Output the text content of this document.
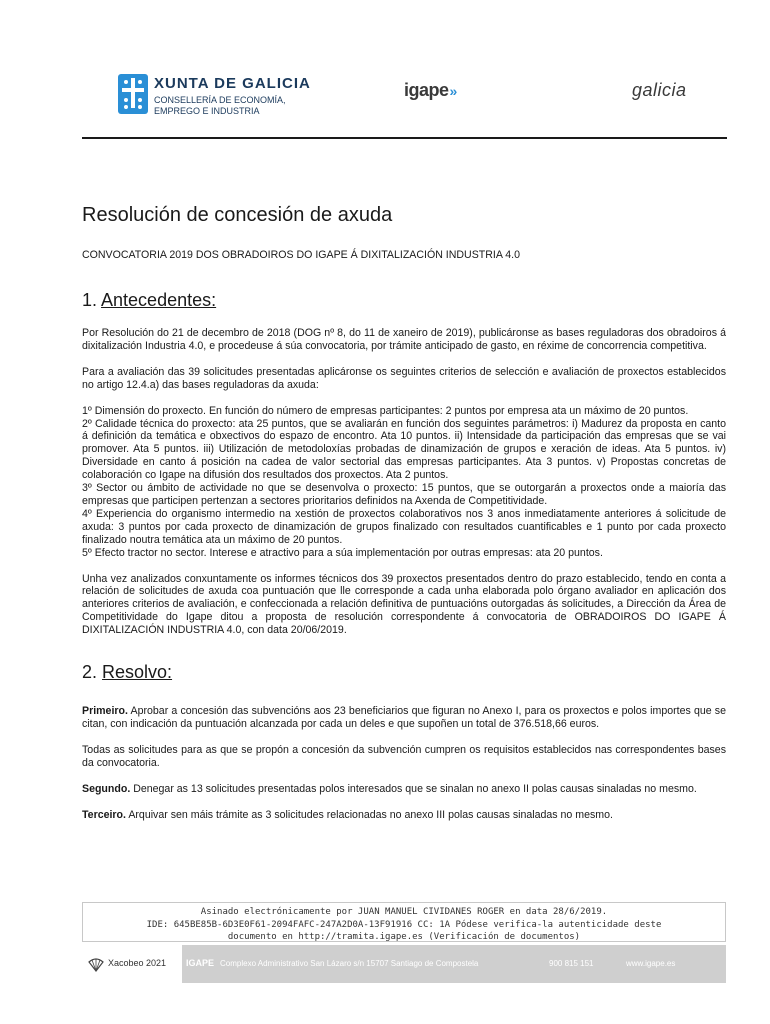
XUNTA DE GALICIA
CONSELLERÍA DE ECONOMÍA,
EMPREGO E INDUSTRIA
igape»	galicia
Resolución de concesión de axuda
CONVOCATORIA 2019 DOS OBRADOIROS DO IGAPE Á DIXITALIZACIÓN INDUSTRIA 4.0
1. Antecedentes:

Por Resolución do 21 de decembro de 2018 (DOG nº 8, do 11 de xaneiro de 2019), publicáronse as bases reguladoras dos obradoiros á dixitalización Industria 4.0, e procedeuse á súa convocatoria, por trámite anticipado de gasto, en réxime de concorrencia competitiva.

Para a avaliación das 39 solicitudes presentadas aplicáronse os seguintes criterios de selección e avaliación de proxectos establecidos no artigo 12.4.a) das bases reguladoras da axuda:

1º Dimensión do proxecto. En función do número de empresas participantes: 2 puntos por empresa ata un máximo de 20 puntos.

2º Calidade técnica do proxecto: ata 25 puntos, que se avaliarán en función dos seguintes parámetros: i) Madurez da proposta en canto á definición da temática e obxectivos do espazo de encontro. Ata 10 puntos. ii) Intensidade da participación das empresas que se vai promover. Ata 5 puntos. iii) Utilización de metodoloxías probadas de dinamización de grupos e xeración de ideas. Ata 5 puntos. iv) Diversidade en canto á posición na cadea de valor sectorial das empresas participantes. Ata 3 puntos. v) Propostas concretas de colaboración co Igape na difusión dos resultados dos proxectos. Ata 2 puntos.

3º Sector ou ámbito de actividade no que se desenvolva o proxecto: 15 puntos, que se outorgarán a proxectos onde a maioría das empresas que participen pertenzan a sectores prioritarios definidos na Axenda de Competitividade.

4º Experiencia do organismo intermedio na xestión de proxectos colaborativos nos 3 anos inmediatamente anteriores á solicitude de axuda: 3 puntos por cada proxecto de dinamización de grupos finalizado con resultados cuantificables e 1 punto por cada proxecto finalizado noutra temática ata un máximo de 20 puntos.

5º Efecto tractor no sector. Interese e atractivo para a súa implementación por outras empresas: ata 20 puntos.

Unha vez analizados conxuntamente os informes técnicos dos 39 proxectos presentados dentro do prazo establecido, tendo en conta a relación de solicitudes de axuda coa puntuación que lle corresponde a cada unha elaborada polo órgano avaliador en aplicación dos anteriores criterios de avaliación, e confeccionada a relación definitiva de puntuacións outorgadas ás solicitudes, a Dirección da Área de Competitividade do Igape ditou a proposta de resolución correspondente á convocatoria de OBRADOIROS DO IGAPE Á DIXITALIZACIÓN INDUSTRIA 4.0, con data 20/06/2019.

2. Resolvo:

Primeiro. Aprobar a concesión das subvencións aos 23 beneficiarios que figuran no Anexo I, para os proxectos e polos importes que se citan, con indicación da puntuación alcanzada por cada un deles e que supoñen un total de 376.518,66 euros.

Todas as solicitudes para as que se propón a concesión da subvención cumpren os requisitos establecidos nas correspondentes bases da convocatoria.

Segundo. Denegar as 13 solicitudes presentadas polos interesados que se sinalan no anexo II polas causas sinaladas no mesmo.

Terceiro. Arquivar sen máis trámite as 3 solicitudes relacionadas no anexo III polas causas sinaladas no mesmo.

Asinado electrónicamente por JUAN MANUEL CIVIDANES ROGER en data 28/6/2019.
IDE: 645BE85B-6D3E0F61-2094FAFC-247A2D0A-13F91916 CC: 1A Pódese verifica-la autenticidade deste
documento en http://tramita.igape.es (Verificación de documentos)
Xacobeo 2021 IGAPE Complexo Administrativo San Lázaro s/n 15707 Santiago de Compostela	900 815 151	www.igape.es
